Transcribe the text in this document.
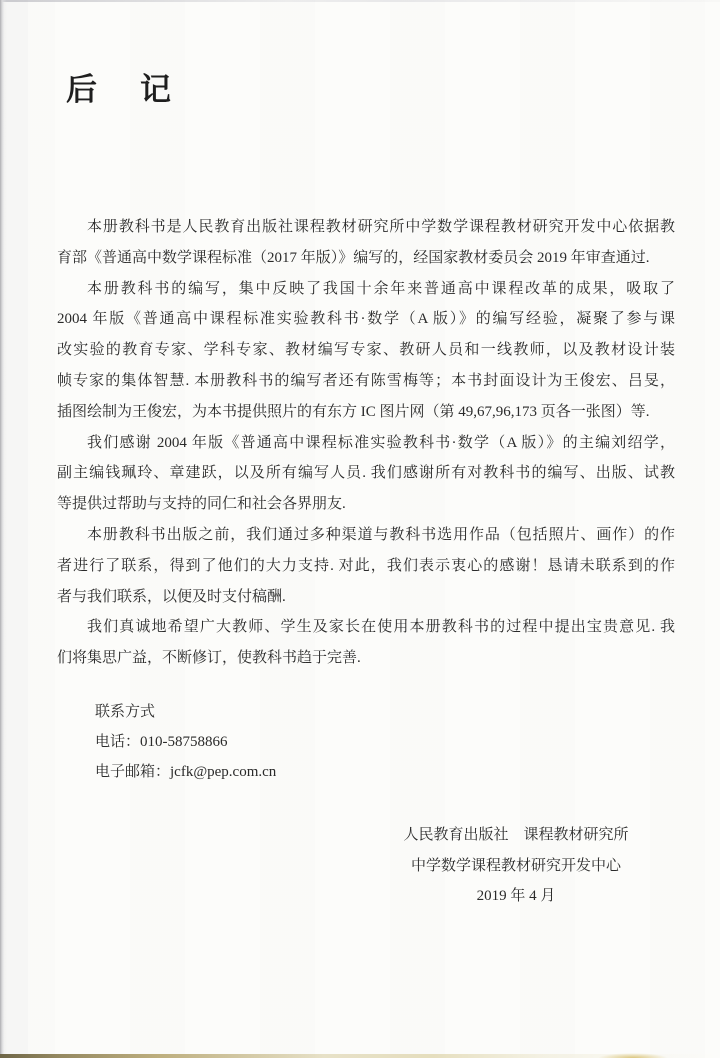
后　记
本册教科书是人民教育出版社课程教材研究所中学数学课程教材研究开发中心依据教
育部《普通高中数学课程标准（2017 年版）》编写的，经国家教材委员会 2019 年审查通过.
本册教科书的编写，集中反映了我国十余年来普通高中课程改革的成果，吸取了
2004 年版《普通高中课程标准实验教科书·数学（A 版）》的编写经验，凝聚了参与课
改实验的教育专家、学科专家、教材编写专家、教研人员和一线教师，以及教材设计装
帧专家的集体智慧. 本册教科书的编写者还有陈雪梅等；本书封面设计为王俊宏、吕旻，
插图绘制为王俊宏，为本书提供照片的有东方 IC 图片网（第 49,67,96,173 页各一张图）等.
我们感谢 2004 年版《普通高中课程标准实验教科书·数学（A 版）》的主编刘绍学，
副主编钱珮玲、章建跃，以及所有编写人员. 我们感谢所有对教科书的编写、出版、试教
等提供过帮助与支持的同仁和社会各界朋友.
本册教科书出版之前，我们通过多种渠道与教科书选用作品（包括照片、画作）的作
者进行了联系，得到了他们的大力支持. 对此，我们表示衷心的感谢！恳请未联系到的作
者与我们联系，以便及时支付稿酬.
我们真诚地希望广大教师、学生及家长在使用本册教科书的过程中提出宝贵意见. 我
们将集思广益，不断修订，使教科书趋于完善.
联系方式
电话：010-58758866
电子邮箱：jcfk@pep.com.cn
人民教育出版社　课程教材研究所
中学数学课程教材研究开发中心
2019 年 4 月
